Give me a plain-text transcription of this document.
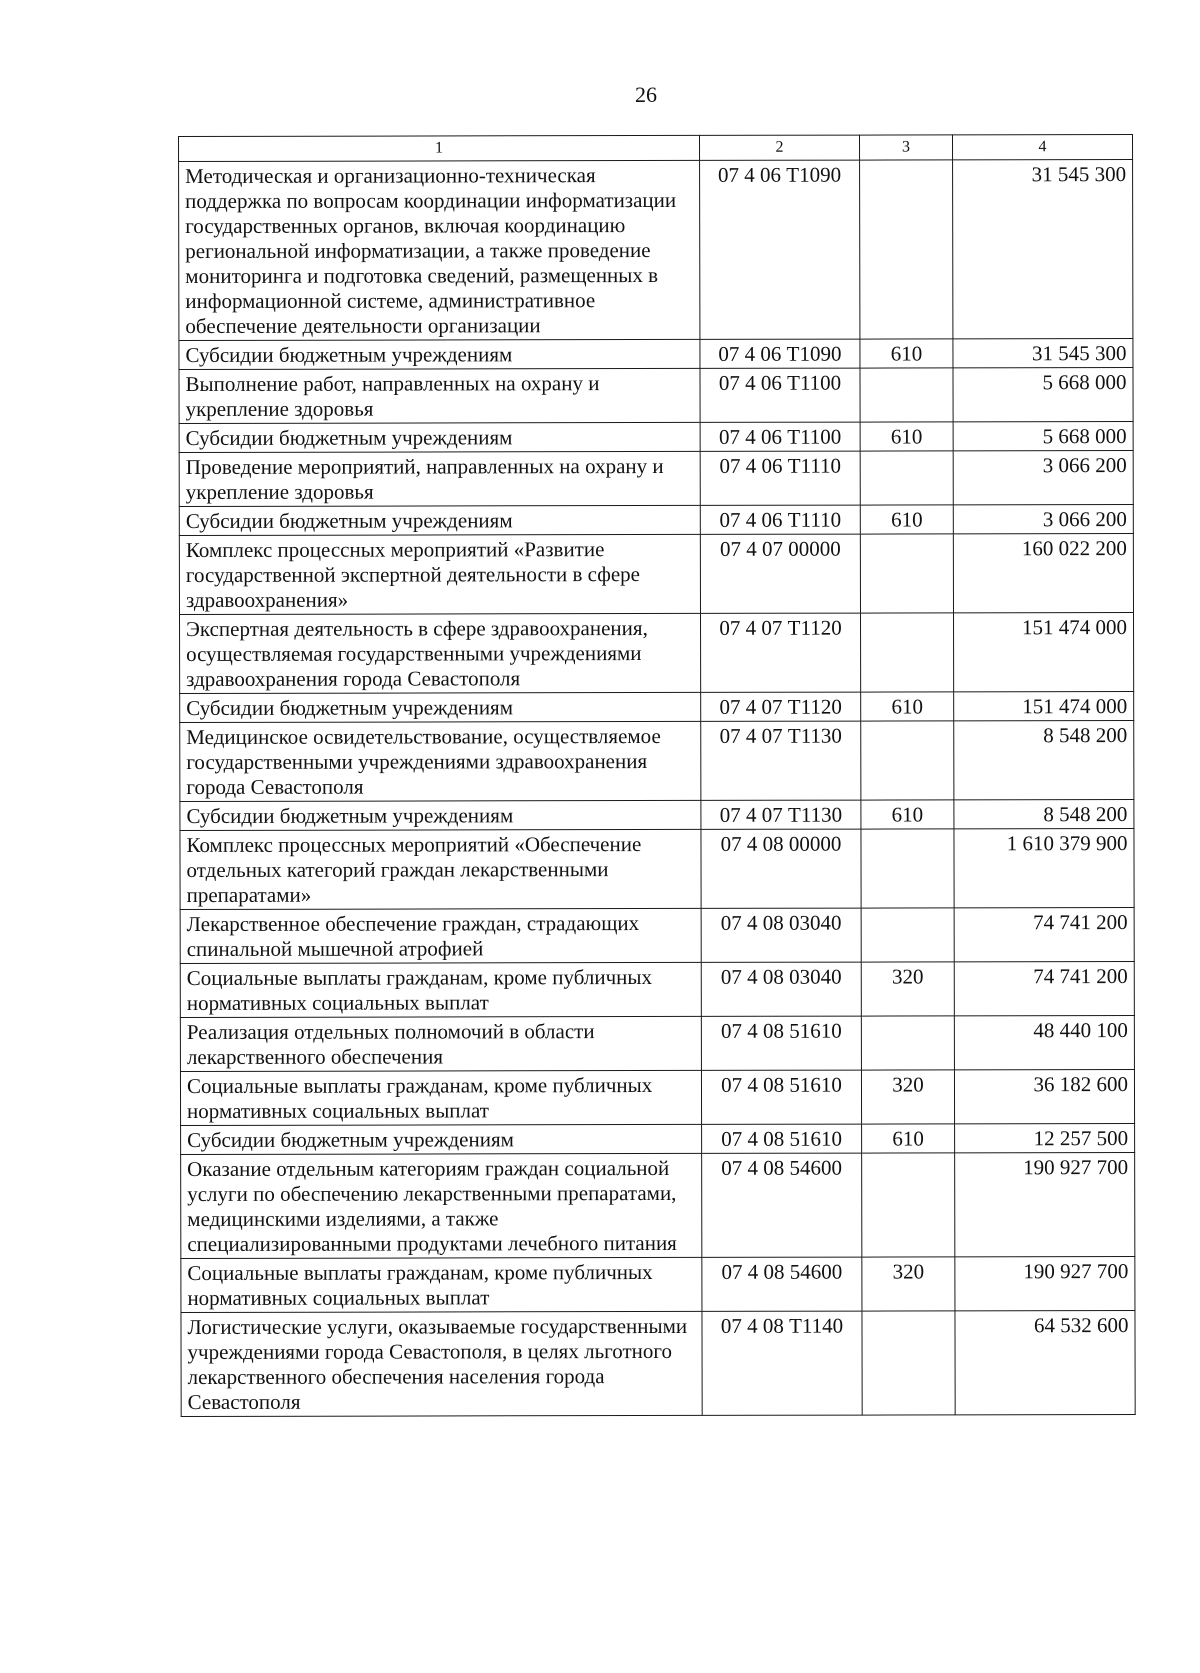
26
1	2	3	4
Методическая и организационно-техническая поддержка по вопросам координации информатизации государственных органов, включая координацию региональной информатизации, а также проведение мониторинга и подготовка сведений, размещенных в информационной системе, административное обеспечение деятельности организации	07 4 06 Т1090		31 545 300
Субсидии бюджетным учреждениям	07 4 06 Т1090	610	31 545 300
Выполнение работ, направленных на охрану и укрепление здоровья	07 4 06 Т1100		5 668 000
Субсидии бюджетным учреждениям	07 4 06 Т1100	610	5 668 000
Проведение мероприятий, направленных на охрану и укрепление здоровья	07 4 06 Т1110		3 066 200
Субсидии бюджетным учреждениям	07 4 06 Т1110	610	3 066 200
Комплекс процессных мероприятий «Развитие государственной экспертной деятельности в сфере здравоохранения»	07 4 07 00000		160 022 200
Экспертная деятельность в сфере здравоохранения, осуществляемая государственными учреждениями здравоохранения города Севастополя	07 4 07 Т1120		151 474 000
Субсидии бюджетным учреждениям	07 4 07 Т1120	610	151 474 000
Медицинское освидетельствование, осуществляемое государственными учреждениями здравоохранения города Севастополя	07 4 07 Т1130		8 548 200
Субсидии бюджетным учреждениям	07 4 07 Т1130	610	8 548 200
Комплекс процессных мероприятий «Обеспечение отдельных категорий граждан лекарственными препаратами»	07 4 08 00000		1 610 379 900
Лекарственное обеспечение граждан, страдающих спинальной мышечной атрофией	07 4 08 03040		74 741 200
Социальные выплаты гражданам, кроме публичных нормативных социальных выплат	07 4 08 03040	320	74 741 200
Реализация отдельных полномочий в области лекарственного обеспечения	07 4 08 51610		48 440 100
Социальные выплаты гражданам, кроме публичных нормативных социальных выплат	07 4 08 51610	320	36 182 600
Субсидии бюджетным учреждениям	07 4 08 51610	610	12 257 500
Оказание отдельным категориям граждан социальной услуги по обеспечению лекарственными препаратами, медицинскими изделиями, а также специализированными продуктами лечебного питания	07 4 08 54600		190 927 700
Социальные выплаты гражданам, кроме публичных нормативных социальных выплат	07 4 08 54600	320	190 927 700
Логистические услуги, оказываемые государственными учреждениями города Севастополя, в целях льготного лекарственного обеспечения населения города Севастополя	07 4 08 Т1140		64 532 600
